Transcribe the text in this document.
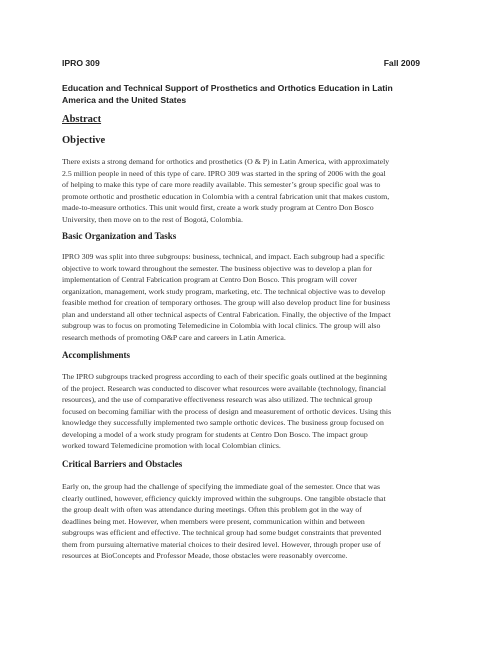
IPRO 309	Fall 2009
Education and Technical Support of Prosthetics and Orthotics Education in Latin
America and the United States
Abstract
Objective
There exists a strong demand for orthotics and prosthetics (O & P) in Latin America, with approximately
2.5 million people in need of this type of care. IPRO 309 was started in the spring of 2006 with the goal
of helping to make this type of care more readily available. This semester’s group specific goal was to
promote orthotic and prosthetic education in Colombia with a central fabrication unit that makes custom,
made-to-measure orthotics. This unit would first, create a work study program at Centro Don Bosco
University, then move on to the rest of Bogotá, Colombia.
Basic Organization and Tasks
IPRO 309 was split into three subgroups: business, technical, and impact. Each subgroup had a specific
objective to work toward throughout the semester. The business objective was to develop a plan for
implementation of Central Fabrication program at Centro Don Bosco. This program will cover
organization, management, work study program, marketing, etc. The technical objective was to develop
feasible method for creation of temporary orthoses. The group will also develop product line for business
plan and understand all other technical aspects of Central Fabrication. Finally, the objective of the Impact
subgroup was to focus on promoting Telemedicine in Colombia with local clinics. The group will also
research methods of promoting O&P care and careers in Latin America.
Accomplishments
The IPRO subgroups tracked progress according to each of their specific goals outlined at the beginning
of the project. Research was conducted to discover what resources were available (technology, financial
resources), and the use of comparative effectiveness research was also utilized. The technical group
focused on becoming familiar with the process of design and measurement of orthotic devices. Using this
knowledge they successfully implemented two sample orthotic devices. The business group focused on
developing a model of a work study program for students at Centro Don Bosco. The impact group
worked toward Telemedicine promotion with local Colombian clinics.
Critical Barriers and Obstacles
Early on, the group had the challenge of specifying the immediate goal of the semester. Once that was
clearly outlined, however, efficiency quickly improved within the subgroups. One tangible obstacle that
the group dealt with often was attendance during meetings. Often this problem got in the way of
deadlines being met. However, when members were present, communication within and between
subgroups was efficient and effective. The technical group had some budget constraints that prevented
them from pursuing alternative material choices to their desired level. However, through proper use of
resources at BioConcepts and Professor Meade, those obstacles were reasonably overcome.
